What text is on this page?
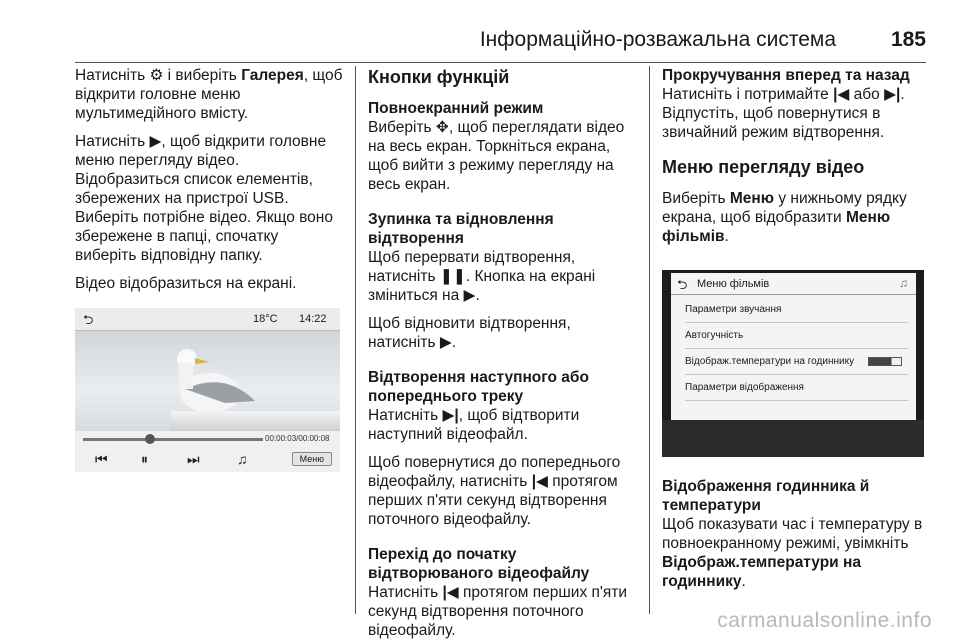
Інформаційно-розважальна система	185

Натисніть ⚙ і виберіть Галерея, щоб відкрити головне меню мультимедійного вмісту.

Натисніть ▶, щоб відкрити головне меню перегляду відео. Відобразиться список елементів, збережених на пристрої USB. Виберіть потрібне відео. Якщо воно збережене в папці, спочатку виберіть відповідну папку.

Відео відобразиться на екрані.

⮌	18°C 14:22
00:00:03/00:00:08
⏮ ⏸	⏭	♫	Меню
Кнопки функцій
Повноекранний режим

Виберіть ✥, щоб переглядати відео на весь екран. Торкніться екрана, щоб вийти з режиму перегляду на весь екран.

Зупинка та відновлення відтворення

Щоб перервати відтворення, натисніть ❚❚. Кнопка на екрані зміниться на ▶.

Щоб відновити відтворення, натисніть ▶.

Відтворення наступного або попереднього треку

Натисніть ▶|, щоб відтворити наступний відеофайл.

Щоб повернутися до попереднього відеофайлу, натисніть |◀ протягом перших п'яти секунд відтворення поточного відеофайлу.

Перехід до початку відтворюваного відеофайлу

Натисніть |◀ протягом перших п'яти секунд відтворення поточного відеофайлу.

Прокручування вперед та назад

Натисніть і потримайте |◀ або ▶|. Відпустіть, щоб повернутися в звичайний режим відтворення.

Меню перегляду відео

Виберіть Меню у нижньому рядку екрана, щоб відобразити Меню фільмів.

⮌ Меню фільмів	♫
Параметри звучання
Автогучність
Відображ.температури на годиннику
Параметри відображення
Відображення годинника й температури

Щоб показувати час і температуру в повноекранному режимі, увімкніть Відображ.температури на годиннику.

carmanualsonline.info
